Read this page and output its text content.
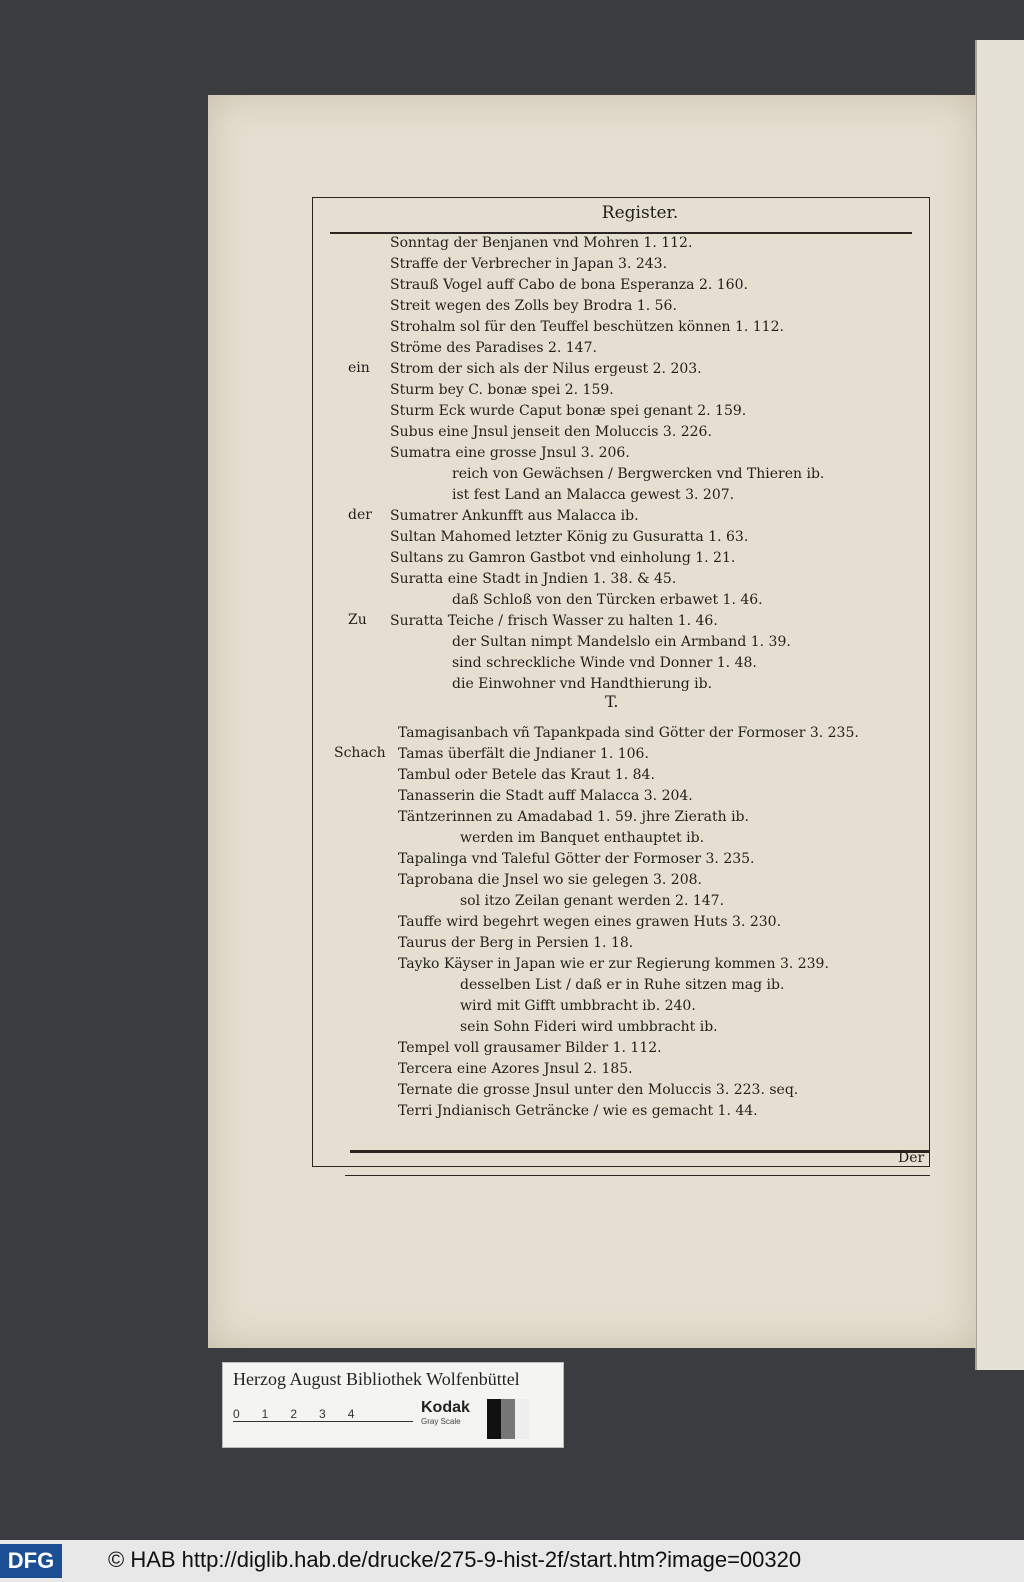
Register.
Sonntag der Benjanen vnd Mohren 1. 112.
Straffe der Verbrecher in Japan 3. 243.
Strauß Vogel auff Cabo de bona Esperanza 2. 160.
Streit wegen des Zolls bey Brodra 1. 56.
Strohalm sol für den Teuffel beschützen können 1. 112.
Ströme des Paradises 2. 147.
Strom der sich als der Nilus ergeust 2. 203.
ein
Sturm bey C. bonæ spei 2. 159.
Sturm Eck wurde Caput bonæ spei genant 2. 159.
Subus eine Jnsul jenseit den Moluccis 3. 226.
Sumatra eine grosse Jnsul 3. 206.
reich von Gewächsen / Bergwercken vnd Thieren ib.
ist fest Land an Malacca gewest 3. 207.
Sumatrer Ankunfft aus Malacca ib.
der
Sultan Mahomed letzter König zu Gusuratta 1. 63.
Sultans zu Gamron Gastbot vnd einholung 1. 21.
Suratta eine Stadt in Jndien 1. 38. & 45.
daß Schloß von den Türcken erbawet 1. 46.
Suratta Teiche / frisch Wasser zu halten 1. 46.
Zu
der Sultan nimpt Mandelslo ein Armband 1. 39.
sind schreckliche Winde vnd Donner 1. 48.
die Einwohner vnd Handthierung ib.
Tamagisanbach vñ Tapankpada sind Götter der Formoser 3. 235.
Tamas überfält die Jndianer 1. 106.
Schach
Tambul oder Betele das Kraut 1. 84.
Tanasserin die Stadt auff Malacca 3. 204.
Täntzerinnen zu Amadabad 1. 59. jhre Zierath ib.
werden im Banquet enthauptet ib.
Tapalinga vnd Taleful Götter der Formoser 3. 235.
Taprobana die Jnsel wo sie gelegen 3. 208.
sol itzo Zeilan genant werden 2. 147.
Tauffe wird begehrt wegen eines grawen Huts 3. 230.
Taurus der Berg in Persien 1. 18.
Tayko Käyser in Japan wie er zur Regierung kommen 3. 239.
desselben List / daß er in Ruhe sitzen mag ib.
wird mit Gifft umbbracht ib. 240.
sein Sohn Fideri wird umbbracht ib.
Tempel voll grausamer Bilder 1. 112.
Tercera eine Azores Jnsul 2. 185.
Ternate die grosse Jnsul unter den Moluccis 3. 223. seq.
Terri Jndianisch Geträncke / wie es gemacht 1. 44.
T.
Der
Herzog August Bibliothek Wolfenbüttel
01234	Kodak
Gray Scale
DFG	© HAB http://diglib.hab.de/drucke/275-9-hist-2f/start.htm?image=00320
